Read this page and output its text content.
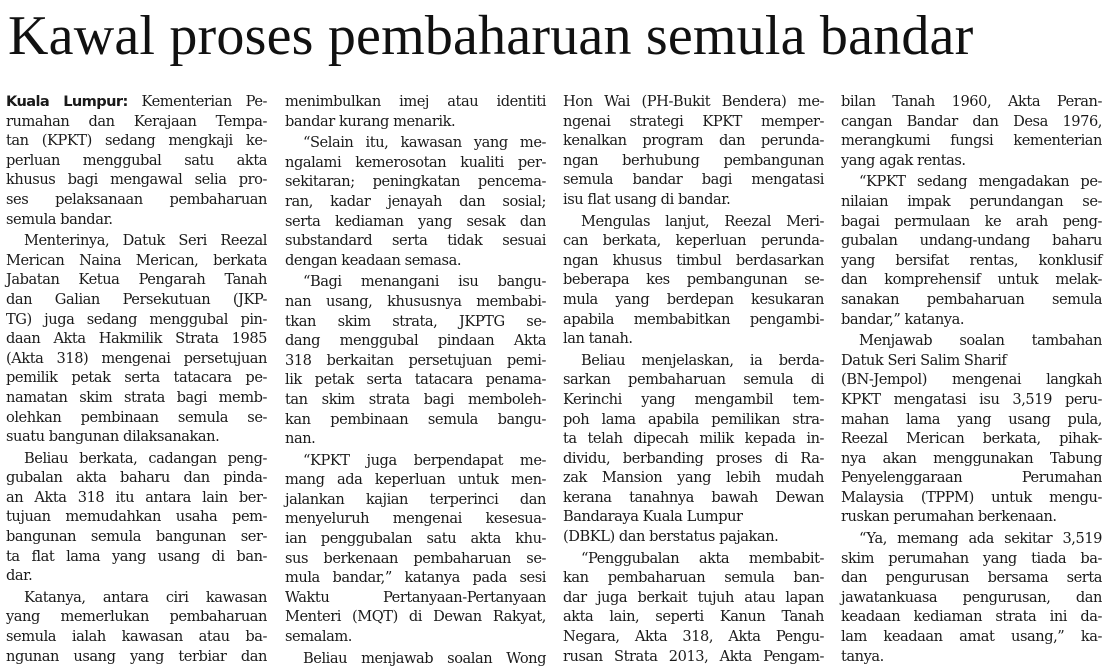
Kawal proses pembaharuan semula bandar
Kuala Lumpur: Kementerian Pe-
rumahan dan Kerajaan Tempa-
tan (KPKT) sedang mengkaji ke-
perluan menggubal satu akta
khusus bagi mengawal selia pro-
ses pelaksanaan pembaharuan
semula bandar.
Menterinya, Datuk Seri Reezal
Merican Naina Merican, berkata
Jabatan Ketua Pengarah Tanah
dan Galian Persekutuan (JKP-
TG) juga sedang menggubal pin-
daan Akta Hakmilik Strata 1985
(Akta 318) mengenai persetujuan
pemilik petak serta tatacara pe-
namatan skim strata bagi memb-
olehkan pembinaan semula se-
suatu bangunan dilaksanakan.
Beliau berkata, cadangan peng-
gubalan akta baharu dan pinda-
an Akta 318 itu antara lain ber-
tujuan memudahkan usaha pem-
bangunan semula bangunan ser-
ta flat lama yang usang di ban-
dar.
Katanya, antara ciri kawasan
yang memerlukan pembaharuan
semula ialah kawasan atau ba-
ngunan usang yang terbiar dan
menimbulkan imej atau identiti
bandar kurang menarik.
“Selain itu, kawasan yang me-
ngalami kemerosotan kualiti per-
sekitaran; peningkatan pencema-
ran, kadar jenayah dan sosial;
serta kediaman yang sesak dan
substandard serta tidak sesuai
dengan keadaan semasa.
“Bagi menangani isu bangu-
nan usang, khususnya membabi-
tkan skim strata, JKPTG se-
dang menggubal pindaan Akta
318 berkaitan persetujuan pemi-
lik petak serta tatacara penama-
tan skim strata bagi memboleh-
kan pembinaan semula bangu-
nan.
“KPKT juga berpendapat me-
mang ada keperluan untuk men-
jalankan kajian terperinci dan
menyeluruh mengenai kesesua-
ian penggubalan satu akta khu-
sus berkenaan pembaharuan se-
mula bandar,” katanya pada sesi
Waktu Pertanyaan-Pertanyaan
Menteri (MQT) di Dewan Rakyat,
semalam.
Beliau menjawab soalan Wong
Hon Wai (PH-Bukit Bendera) me-
ngenai strategi KPKT memper-
kenalkan program dan perunda-
ngan berhubung pembangunan
semula bandar bagi mengatasi
isu flat usang di bandar.
Mengulas lanjut, Reezal Meri-
can berkata, keperluan perunda-
ngan khusus timbul berdasarkan
beberapa kes pembangunan se-
mula yang berdepan kesukaran
apabila membabitkan pengambi-
lan tanah.
Beliau menjelaskan, ia berda-
sarkan pembaharuan semula di
Kerinchi yang mengambil tem-
poh lama apabila pemilikan stra-
ta telah dipecah milik kepada in-
dividu, berbanding proses di Ra-
zak Mansion yang lebih mudah
kerana tanahnya bawah Dewan
Bandaraya Kuala Lumpur
(DBKL) dan berstatus pajakan.
“Penggubalan akta membabit-
kan pembaharuan semula ban-
dar juga berkait tujuh atau lapan
akta lain, seperti Kanun Tanah
Negara, Akta 318, Akta Pengu-
rusan Strata 2013, Akta Pengam-
bilan Tanah 1960, Akta Peran-
cangan Bandar dan Desa 1976,
merangkumi fungsi kementerian
yang agak rentas.
“KPKT sedang mengadakan pe-
nilaian impak perundangan se-
bagai permulaan ke arah peng-
gubalan undang-undang baharu
yang bersifat rentas, konklusif
dan komprehensif untuk melak-
sanakan pembaharuan semula
bandar,” katanya.
Menjawab soalan tambahan
Datuk Seri Salim Sharif
(BN-Jempol) mengenai langkah
KPKT mengatasi isu 3,519 peru-
mahan lama yang usang pula,
Reezal Merican berkata, pihak-
nya akan menggunakan Tabung
Penyelenggaraan Perumahan
Malaysia (TPPM) untuk mengu-
ruskan perumahan berkenaan.
“Ya, memang ada sekitar 3,519
skim perumahan yang tiada ba-
dan pengurusan bersama serta
jawatankuasa pengurusan, dan
keadaan kediaman strata ini da-
lam keadaan amat usang,” ka-
tanya.
